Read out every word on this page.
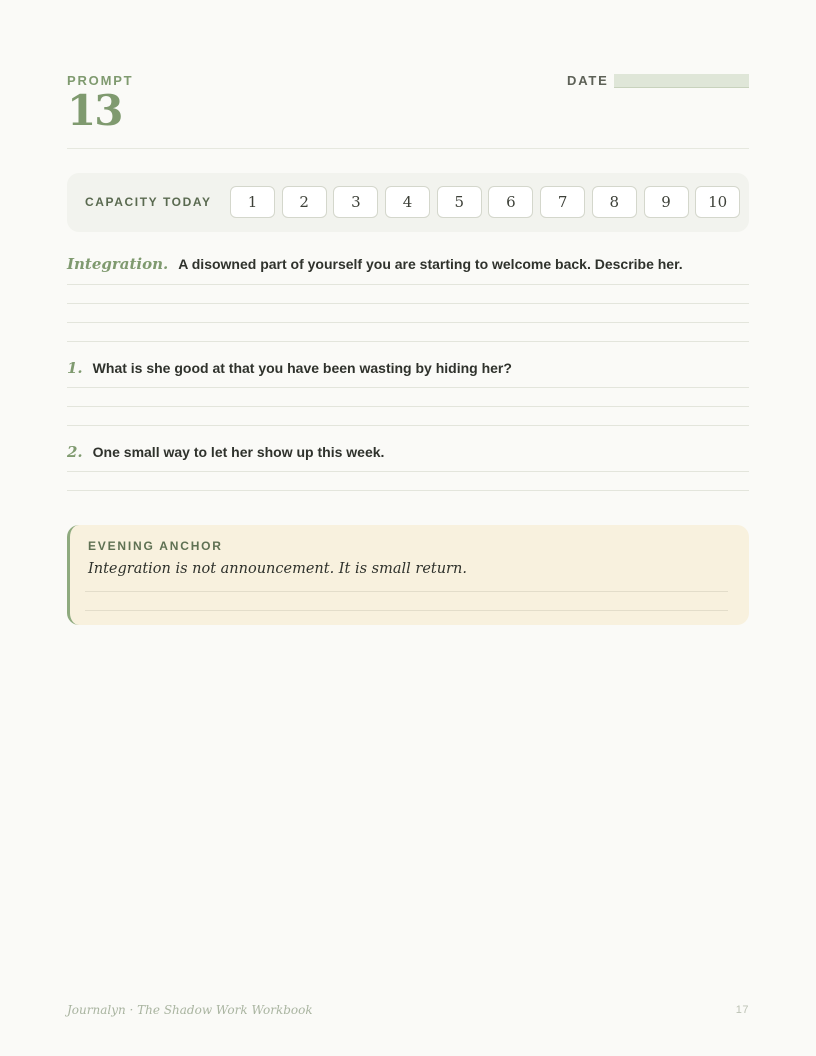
PROMPT
13
DATE
CAPACITY TODAY	1	2	3	4	5	6	7	8	9	10
Integration. A disowned part of yourself you are starting to welcome back. Describe her.
1. What is she good at that you have been wasting by hiding her?
2. One small way to let her show up this week.
EVENING ANCHOR
Integration is not announcement. It is small return.
Journalyn · The Shadow Work Workbook	17
